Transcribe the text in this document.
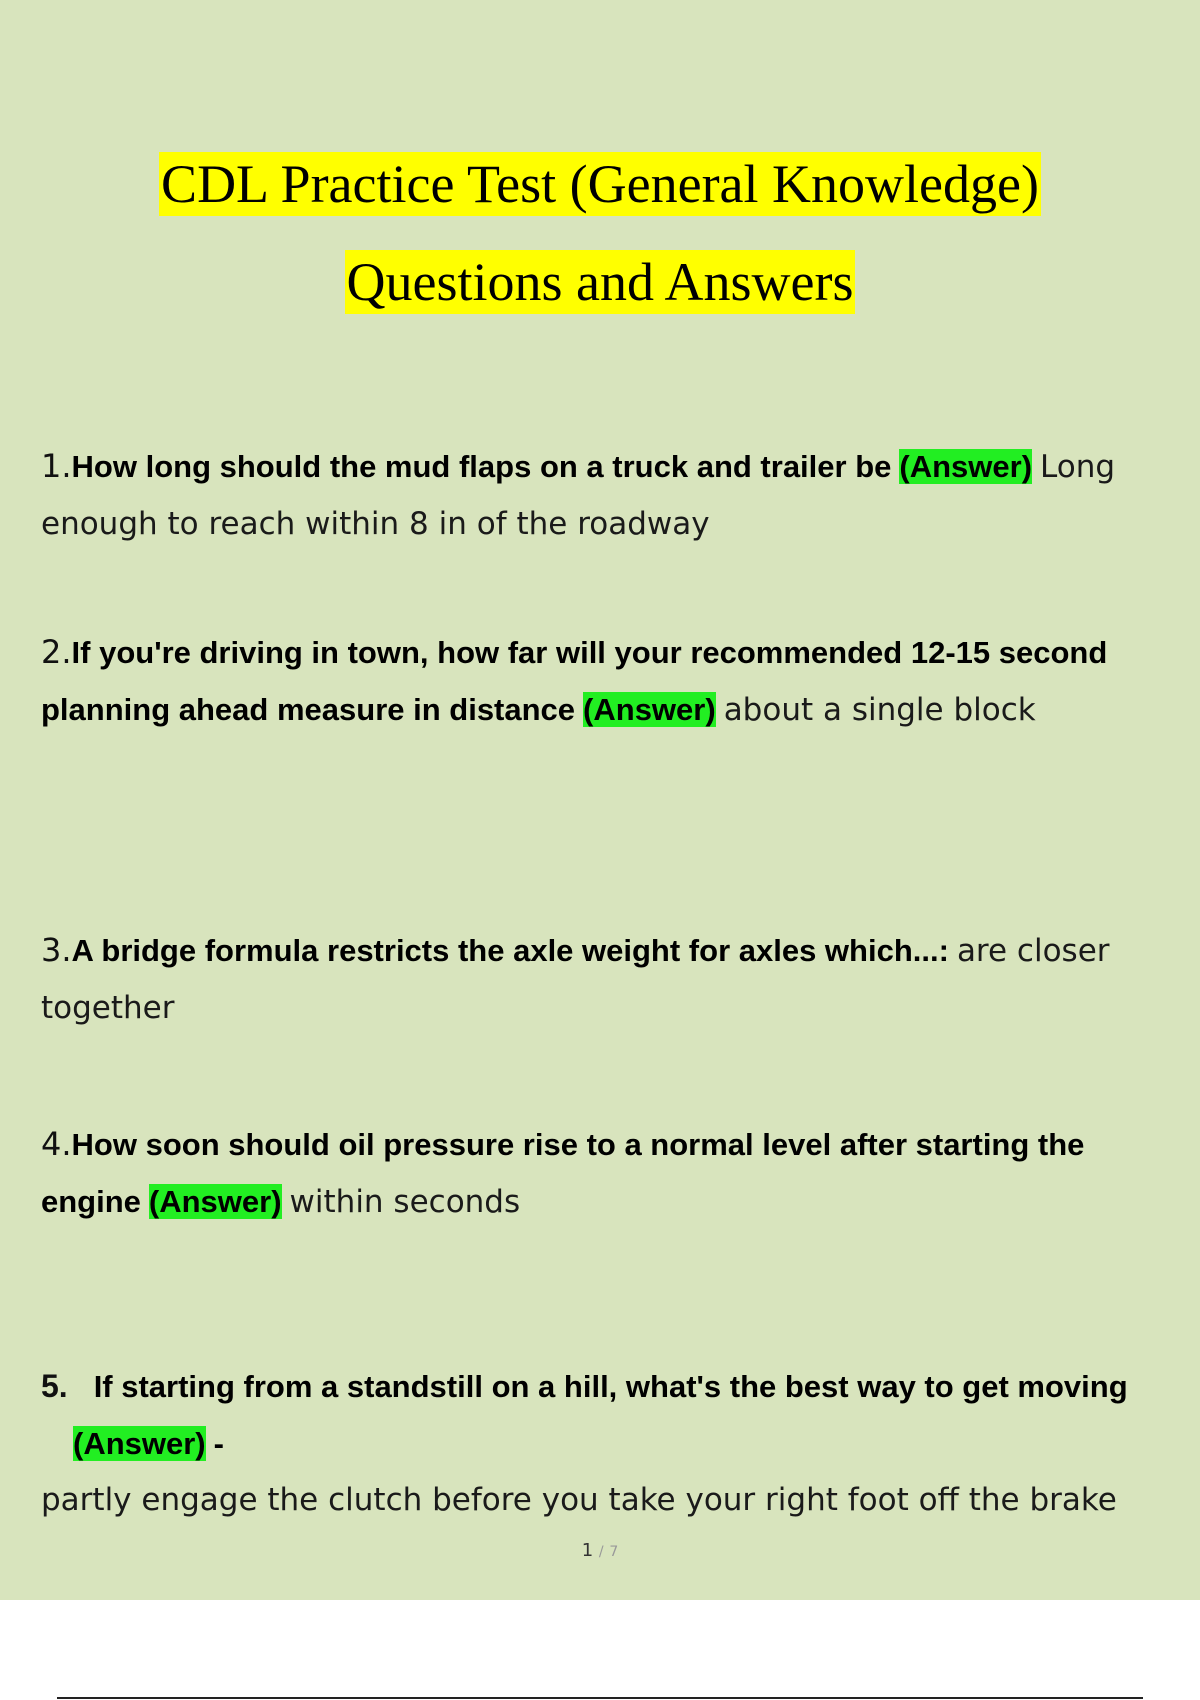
CDL Practice Test (General Knowledge)
Questions and Answers
1.How long should the mud flaps on a truck and trailer be (Answer) Long enough to reach within 8 in of the roadway
2.If you're driving in town, how far will your recommended 12-15 second planning ahead measure in distance (Answer) about a single block
3.A bridge formula restricts the axle weight for axles which...: are closer together
4.How soon should oil pressure rise to a normal level after starting the engine (Answer) within seconds
5. If starting from a standstill on a hill, what's the best way to get moving
(Answer) -
partly engage the clutch before you take your right foot off the brake
1 / 7
